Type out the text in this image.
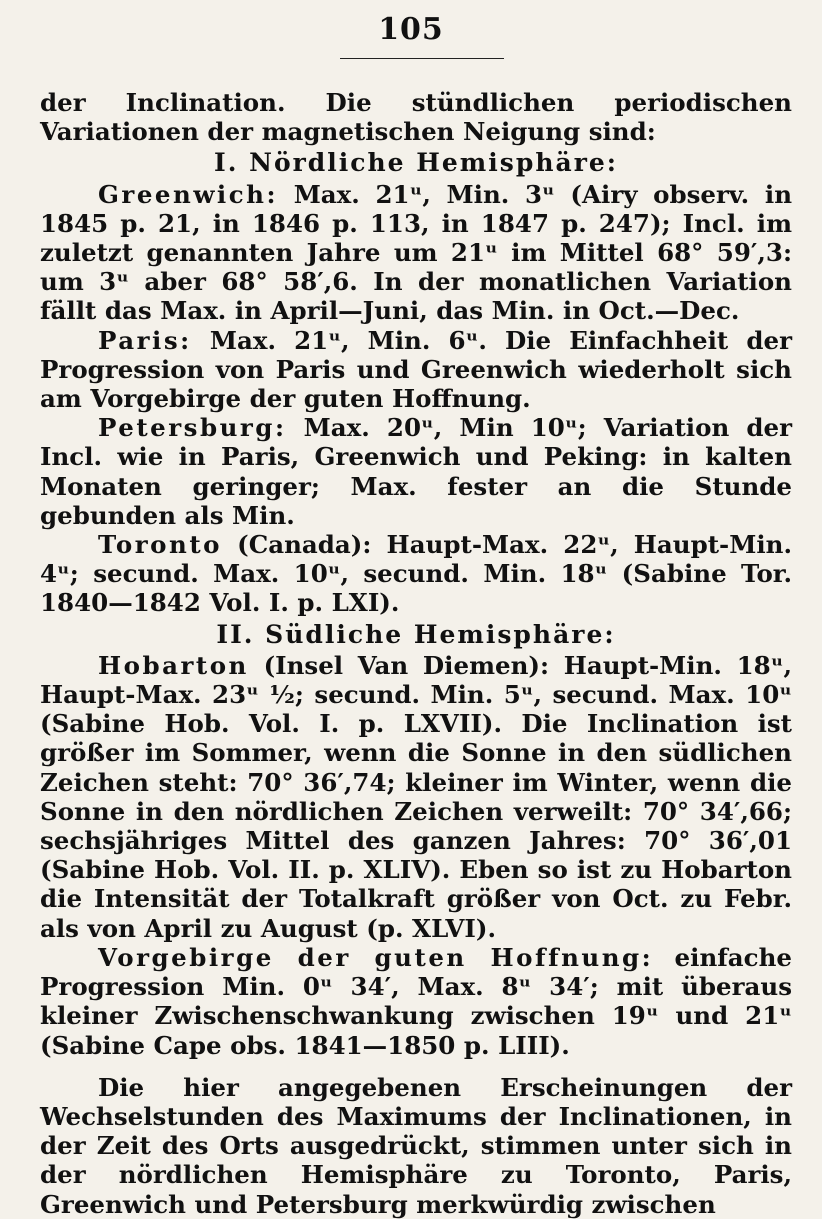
105

der Inclination. Die stündlichen periodischen Variationen der magnetischen Neigung sind:

I. Nördliche Hemisphäre:

Greenwich: Max. 21ᵘ, Min. 3ᵘ (Airy observ. in 1845 p. 21, in 1846 p. 113, in 1847 p. 247); Incl. im zuletzt genannten Jahre um 21ᵘ im Mittel 68° 59′,3: um 3ᵘ aber 68° 58′,6. In der monatlichen Variation fällt das Max. in April—Juni, das Min. in Oct.—Dec.

Paris: Max. 21ᵘ, Min. 6ᵘ. Die Einfachheit der Progression von Paris und Greenwich wiederholt sich am Vorgebirge der guten Hoffnung.

Petersburg: Max. 20ᵘ, Min 10ᵘ; Variation der Incl. wie in Paris, Greenwich und Peking: in kalten Monaten geringer; Max. fester an die Stunde gebunden als Min.

Toronto (Canada): Haupt-Max. 22ᵘ, Haupt-Min. 4ᵘ; secund. Max. 10ᵘ, secund. Min. 18ᵘ (Sabine Tor. 1840—1842 Vol. I. p. LXI).

II. Südliche Hemisphäre:

Hobarton (Insel Van Diemen): Haupt-Min. 18ᵘ, Haupt-Max. 23ᵘ ½; secund. Min. 5ᵘ, secund. Max. 10ᵘ (Sabine Hob. Vol. I. p. LXVII). Die Inclination ist größer im Sommer, wenn die Sonne in den südlichen Zeichen steht: 70° 36′,74; kleiner im Winter, wenn die Sonne in den nördlichen Zeichen verweilt: 70° 34′,66; sechsjähriges Mittel des ganzen Jahres: 70° 36′,01 (Sabine Hob. Vol. II. p. XLIV). Eben so ist zu Hobarton die Intensität der Totalkraft größer von Oct. zu Febr. als von April zu August (p. XLVI).

Vorgebirge der guten Hoffnung: einfache Progression Min. 0ᵘ 34′, Max. 8ᵘ 34′; mit überaus kleiner Zwischenschwankung zwischen 19ᵘ und 21ᵘ (Sabine Cape obs. 1841—1850 p. LIII).

Die hier angegebenen Erscheinungen der Wechselstunden des Maximums der Inclinationen, in der Zeit des Orts ausgedrückt, stimmen unter sich in der nördlichen Hemisphäre zu Toronto, Paris, Greenwich und Petersburg merkwürdig zwischen
